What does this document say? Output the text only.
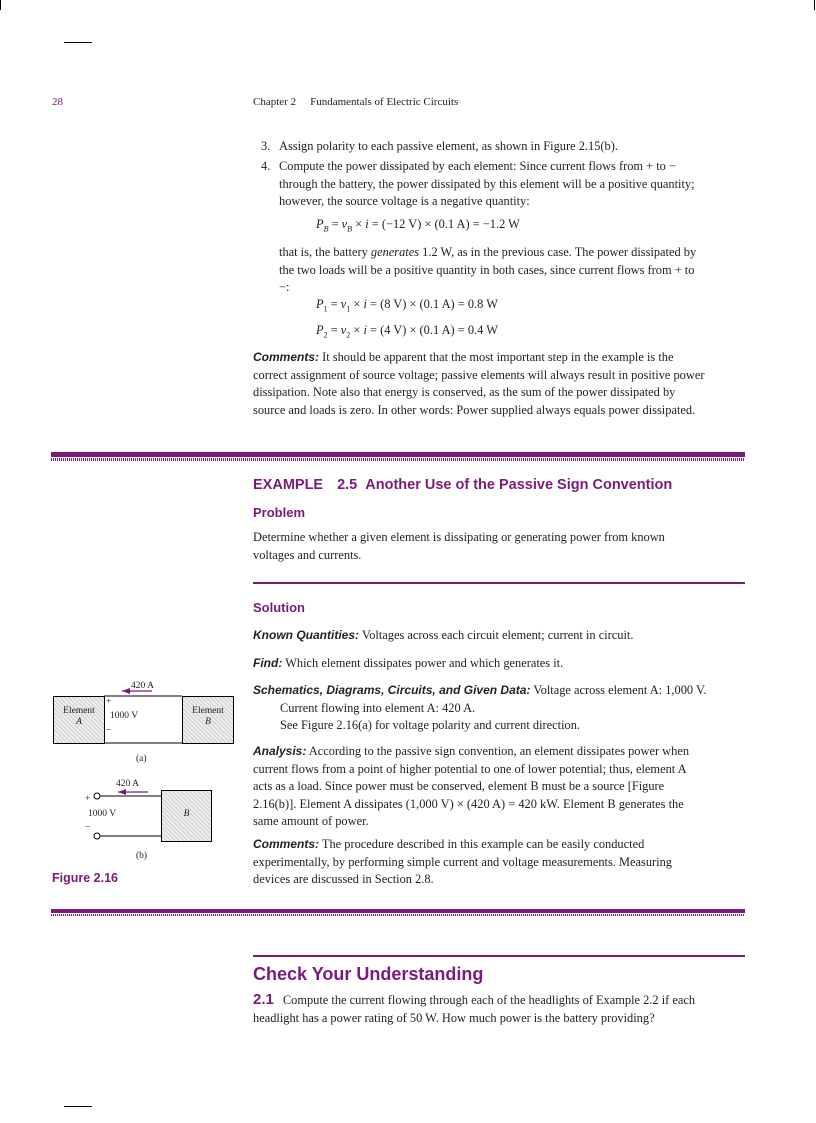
28	Chapter 2 Fundamentals of Electric Circuits
3. Assign polarity to each passive element, as shown in Figure 2.15(b).
4. Compute the power dissipated by each element: Since current flows from + to −
through the battery, the power dissipated by this element will be a positive quantity;
however, the source voltage is a negative quantity:
$P_B = v_B \times i = (-12$ V) × (0.1 A) = −1.2 W
that is, the battery generates 1.2 W, as in the previous case. The power dissipated by
the two loads will be a positive quantity in both cases, since current flows from + to
−:
$P_1 = v_1 \times i = (8$ V) × (0.1 A) = 0.8 W
$P_2 = v_2 \times i = (4$ V) × (0.1 A) = 0.4 W
Comments: It should be apparent that the most important step in the example is the
correct assignment of source voltage; passive elements will always result in positive power
dissipation. Note also that energy is conserved, as the sum of the power dissipated by
source and loads is zero. In other words: Power supplied always equals power dissipated.
EXAMPLE 2.5 Another Use of the Passive Sign Convention
Problem
Determine whether a given element is dissipating or generating power from known
voltages and currents.
Solution
Known Quantities: Voltages across each circuit element; current in circuit.
Find: Which element dissipates power and which generates it.
Schematics, Diagrams, Circuits, and Given Data: Voltage across element A: 1,000 V.
Current flowing into element A: 420 A.
See Figure 2.16(a) for voltage polarity and current direction.
Analysis: According to the passive sign convention, an element dissipates power when
current flows from a point of higher potential to one of lower potential; thus, element A
acts as a load. Since power must be conserved, element B must be a source [Figure
2.16(b)]. Element A dissipates (1,000 V) × (420 A) = 420 kW. Element B generates the
same amount of power.
Comments: The procedure described in this example can be easily conducted
experimentally, by performing simple current and voltage measurements. Measuring
devices are discussed in Section 2.8.
Element
A
Element
B
420 A
+
1000 V
−
(a)
B
420 A
+
1000 V
−
(b)
Figure 2.16
Check Your Understanding
2.1 Compute the current flowing through each of the headlights of Example 2.2 if each
headlight has a power rating of 50 W. How much power is the battery providing?
